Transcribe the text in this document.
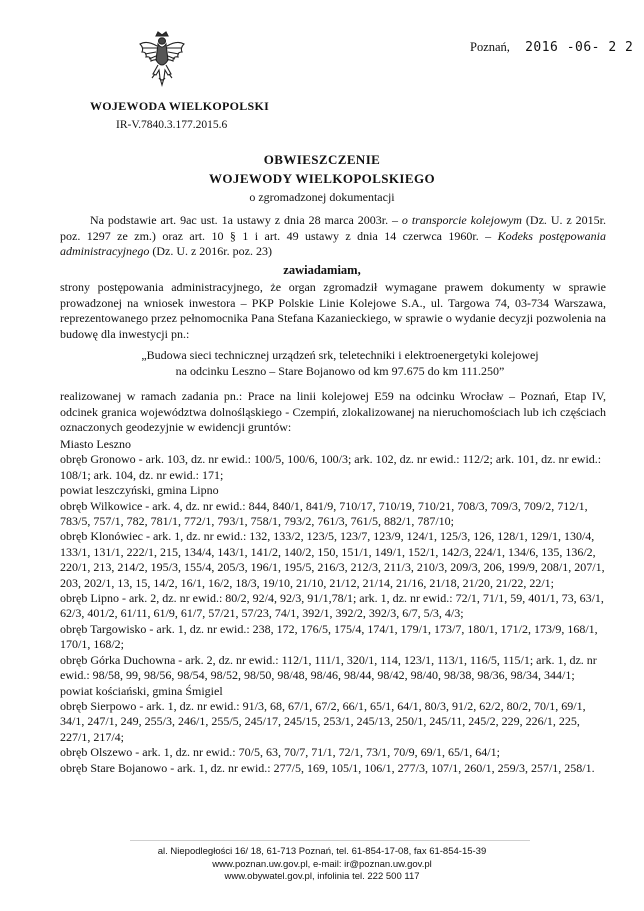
Poznań, 2016 -06- 2 2
WOJEWODA WIELKOPOLSKI
IR-V.7840.3.177.2015.6
OBWIESZCZENIE
WOJEWODY WIELKOPOLSKIEGO
o zgromadzonej dokumentacji
Na podstawie art. 9ac ust. 1a ustawy z dnia 28 marca 2003r. – o transporcie kolejowym (Dz. U. z 2015r. poz. 1297 ze zm.) oraz art. 10 § 1 i art. 49 ustawy z dnia 14 czerwca 1960r. – Kodeks postępowania administracyjnego (Dz. U. z 2016r. poz. 23)
zawiadamiam,
strony postępowania administracyjnego, że organ zgromadził wymagane prawem dokumenty w sprawie prowadzonej na wniosek inwestora – PKP Polskie Linie Kolejowe S.A., ul. Targowa 74, 03-734 Warszawa, reprezentowanego przez pełnomocnika Pana Stefana Kazanieckiego, w sprawie o wydanie decyzji pozwolenia na budowę dla inwestycji pn.:
„Budowa sieci technicznej urządzeń srk, teletechniki i elektroenergetyki kolejowej
na odcinku Leszno – Stare Bojanowo od km 97.675 do km 111.250”
realizowanej w ramach zadania pn.: Prace na linii kolejowej E59 na odcinku Wrocław – Poznań, Etap IV, odcinek granica województwa dolnośląskiego - Czempiń, zlokalizowanej na nieruchomościach lub ich częściach oznaczonych geodezyjnie w ewidencji gruntów:

Miasto Leszno

obręb Gronowo - ark. 103, dz. nr ewid.: 100/5, 100/6, 100/3; ark. 102, dz. nr ewid.: 112/2; ark. 101, dz. nr ewid.: 108/1; ark. 104, dz. nr ewid.: 171;

powiat leszczyński, gmina Lipno

obręb Wilkowice - ark. 4, dz. nr ewid.: 844, 840/1, 841/9, 710/17, 710/19, 710/21, 708/3, 709/3, 709/2, 712/1, 783/5, 757/1, 782, 781/1, 772/1, 793/1, 758/1, 793/2, 761/3, 761/5, 882/1, 787/10;

obręb Klonówiec - ark. 1, dz. nr ewid.: 132, 133/2, 123/5, 123/7, 123/9, 124/1, 125/3, 126, 128/1, 129/1, 130/4, 133/1, 131/1, 222/1, 215, 134/4, 143/1, 141/2, 140/2, 150, 151/1, 149/1, 152/1, 142/3, 224/1, 134/6, 135, 136/2, 220/1, 213, 214/2, 195/3, 155/4, 205/3, 196/1, 195/5, 216/3, 212/3, 211/3, 210/3, 209/3, 206, 199/9, 208/1, 207/1, 203, 202/1, 13, 15, 14/2, 16/1, 16/2, 18/3, 19/10, 21/10, 21/12, 21/14, 21/16, 21/18, 21/20, 21/22, 22/1;

obręb Lipno - ark. 2, dz. nr ewid.: 80/2, 92/4, 92/3, 91/1,78/1; ark. 1, dz. nr ewid.: 72/1, 71/1, 59, 401/1, 73, 63/1, 62/3, 401/2, 61/11, 61/9, 61/7, 57/21, 57/23, 74/1, 392/1, 392/2, 392/3, 6/7, 5/3, 4/3;

obręb Targowisko - ark. 1, dz. nr ewid.: 238, 172, 176/5, 175/4, 174/1, 179/1, 173/7, 180/1, 171/2, 173/9, 168/1, 170/1, 168/2;

obręb Górka Duchowna - ark. 2, dz. nr ewid.: 112/1, 111/1, 320/1, 114, 123/1, 113/1, 116/5, 115/1; ark. 1, dz. nr ewid.: 98/58, 99, 98/56, 98/54, 98/52, 98/50, 98/48, 98/46, 98/44, 98/42, 98/40, 98/38, 98/36, 98/34, 344/1;

powiat kościański, gmina Śmigiel

obręb Sierpowo - ark. 1, dz. nr ewid.: 91/3, 68, 67/1, 67/2, 66/1, 65/1, 64/1, 80/3, 91/2, 62/2, 80/2, 70/1, 69/1, 34/1, 247/1, 249, 255/3, 246/1, 255/5, 245/17, 245/15, 253/1, 245/13, 250/1, 245/11, 245/2, 229, 226/1, 225, 227/1, 217/4;

obręb Olszewo - ark. 1, dz. nr ewid.: 70/5, 63, 70/7, 71/1, 72/1, 73/1, 70/9, 69/1, 65/1, 64/1;

obręb Stare Bojanowo - ark. 1, dz. nr ewid.: 277/5, 169, 105/1, 106/1, 277/3, 107/1, 260/1, 259/3, 257/1, 258/1.

al. Niepodległości 16/ 18, 61-713 Poznań, tel. 61-854-17-08, fax 61-854-15-39
www.poznan.uw.gov.pl, e-mail: ir@poznan.uw.gov.pl
www.obywatel.gov.pl, infolinia tel. 222 500 117
